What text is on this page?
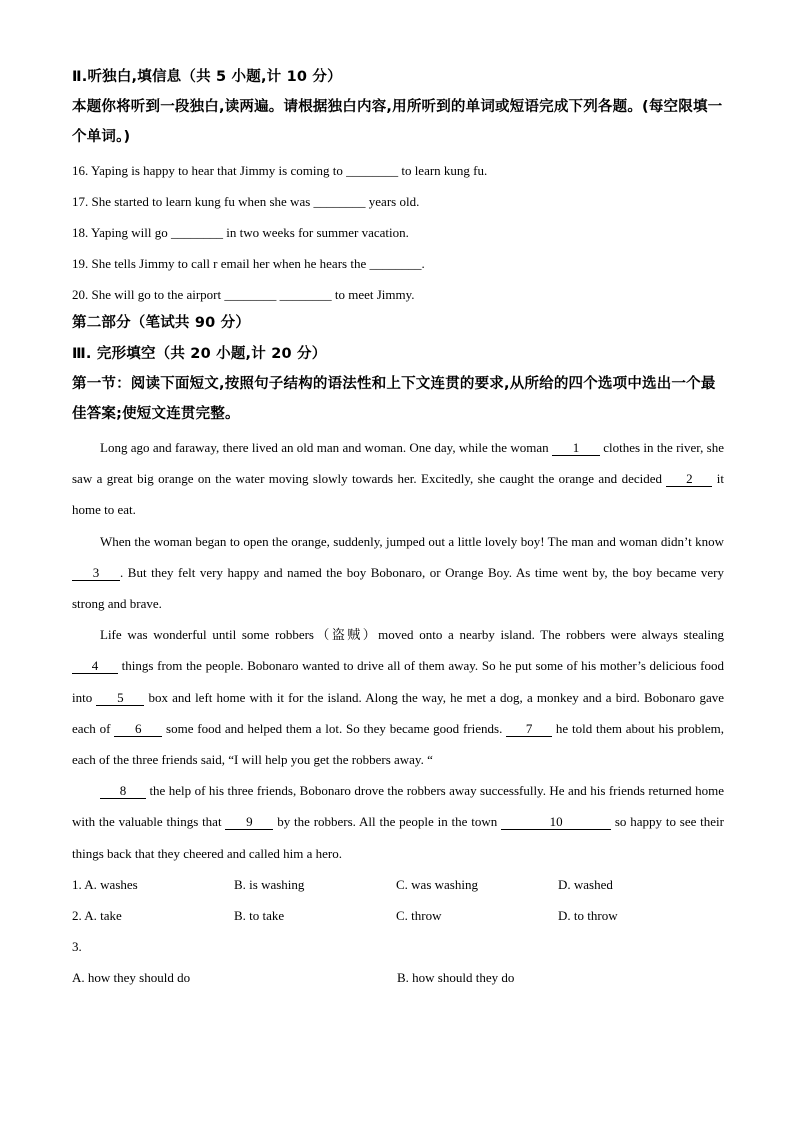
Ⅱ.听独白,填信息（共 5 小题,计 10 分）
本题你将听到一段独白,读两遍。请根据独白内容,用所听到的单词或短语完成下列各题。(每空限填一个单词。)

16. Yaping is happy to hear that Jimmy is coming to ________ to learn kung fu.

17. She started to learn kung fu when she was ________ years old.

18. Yaping will go ________ in two weeks for summer vacation.

19. She tells Jimmy to call r email her when he hears the ________.

20. She will go to the airport ________ ________ to meet Jimmy.

第二部分（笔试共 90 分）
Ⅲ. 完形填空（共 20 小题,计 20 分）
第一节：阅读下面短文,按照句子结构的语法性和上下文连贯的要求,从所给的四个选项中选出一个最佳答案;使短文连贯完整。

Long ago and faraway, there lived an old man and woman. One day, while the woman 1 clothes in the river, she saw a great big orange on the water moving slowly towards her. Excitedly, she caught the orange and decided 2 it home to eat.

When the woman began to open the orange, suddenly, jumped out a little lovely boy! The man and woman didn’t know 3 . But they felt very happy and named the boy Bobonaro, or Orange Boy. As time went by, the boy became very strong and brave.

Life was wonderful until some robbers（盗贼）moved onto a nearby island. The robbers were always stealing 4 things from the people. Bobonaro wanted to drive all of them away. So he put some of his mother’s delicious food into 5 box and left home with it for the island. Along the way, he met a dog, a monkey and a bird. Bobonaro gave each of 6 some food and helped them a lot. So they became good friends. 7 he told them about his problem, each of the three friends said, “I will help you get the robbers away. “

8 the help of his three friends, Bobonaro drove the robbers away successfully. He and his friends returned home with the valuable things that 9 by the robbers. All the people in the town	10	so happy to see their things back that they cheered and called him a hero.

1. A. washes	B. is washing	C. was washing	D. washed
2. A. take	B. to take	C. throw	D. to throw
3.
A. how they should do	B. how should they do
